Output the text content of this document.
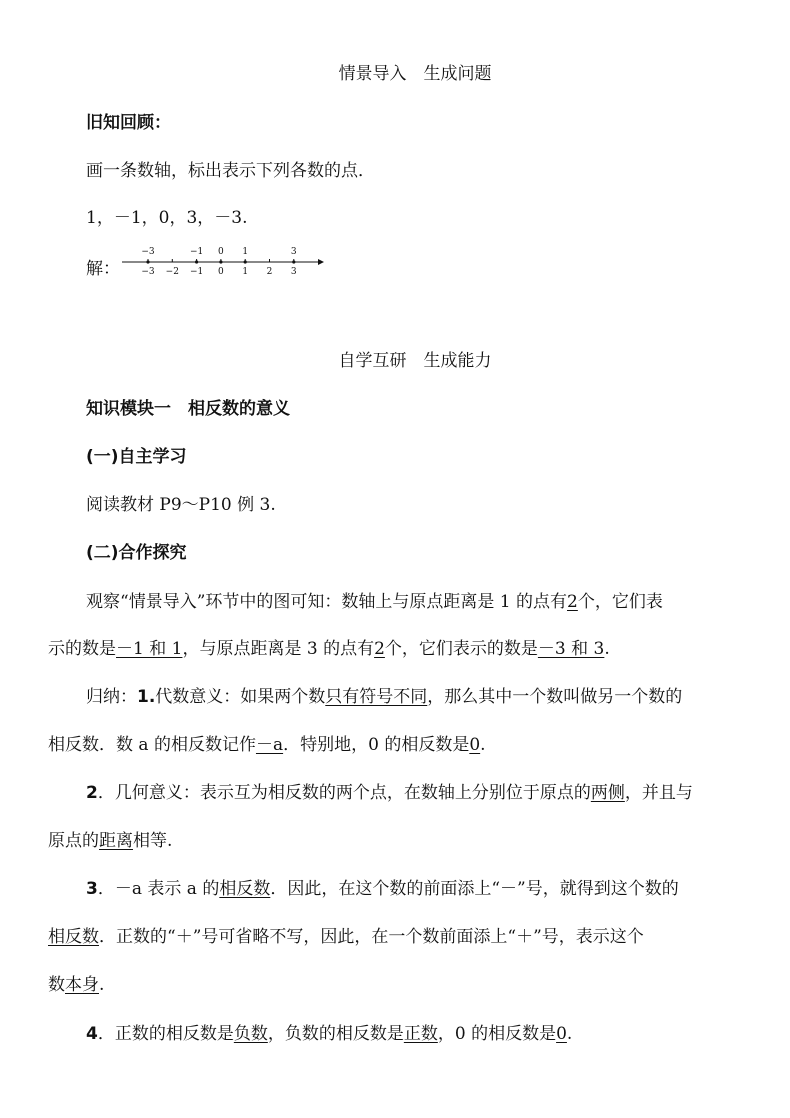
情景导入　生成问题
旧知回顾：
画一条数轴，标出表示下列各数的点．
1，－1，0，3，－3.
解： −3 −2 −1 0 1 2 3
−3	−1 0 1	3
自学互研　生成能力
知识模块一　相反数的意义
(一)自主学习
阅读教材 P9～P10 例 3.
(二)合作探究
观察“情景导入”环节中的图可知：数轴上与原点距离是 1 的点有2个，它们表
示的数是－1 和 1，与原点距离是 3 的点有2个，它们表示的数是－3 和 3.
归纳：1.代数意义：如果两个数只有符号不同，那么其中一个数叫做另一个数的
相反数．数 a 的相反数记作－a．特别地，0 的相反数是0.
2．几何意义：表示互为相反数的两个点，在数轴上分别位于原点的两侧，并且与
原点的距离相等.
3．－a 表示 a 的相反数．因此，在这个数的前面添上“－”号，就得到这个数的
相反数．正数的“＋”号可省略不写，因此，在一个数前面添上“＋”号，表示这个
数本身.
4．正数的相反数是负数，负数的相反数是正数，0 的相反数是0.
